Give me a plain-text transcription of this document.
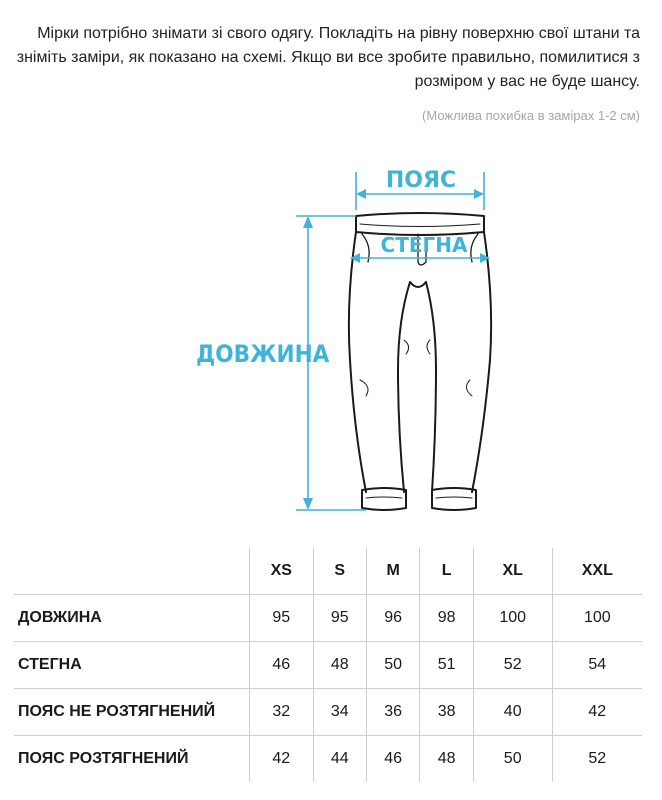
Мірки потрібно знімати зі свого одягу. Покладіть на рівну поверхню свої штани та зніміть заміри, як показано на схемі. Якщо ви все зробите правильно, помилитися з розміром у вас не буде шансу.
(Можлива похибка в замірах 1-2 см)
ПОЯС
СТЕГНА
ДОВЖИНА
	XS	S	M	L	XL	XXL
ДОВЖИНА	95	95	96	98	100	100
СТЕГНА	46	48	50	51	52	54
ПОЯС НЕ РОЗТЯГНЕНИЙ	32	34	36	38	40	42
ПОЯС РОЗТЯГНЕНИЙ	42	44	46	48	50	52
